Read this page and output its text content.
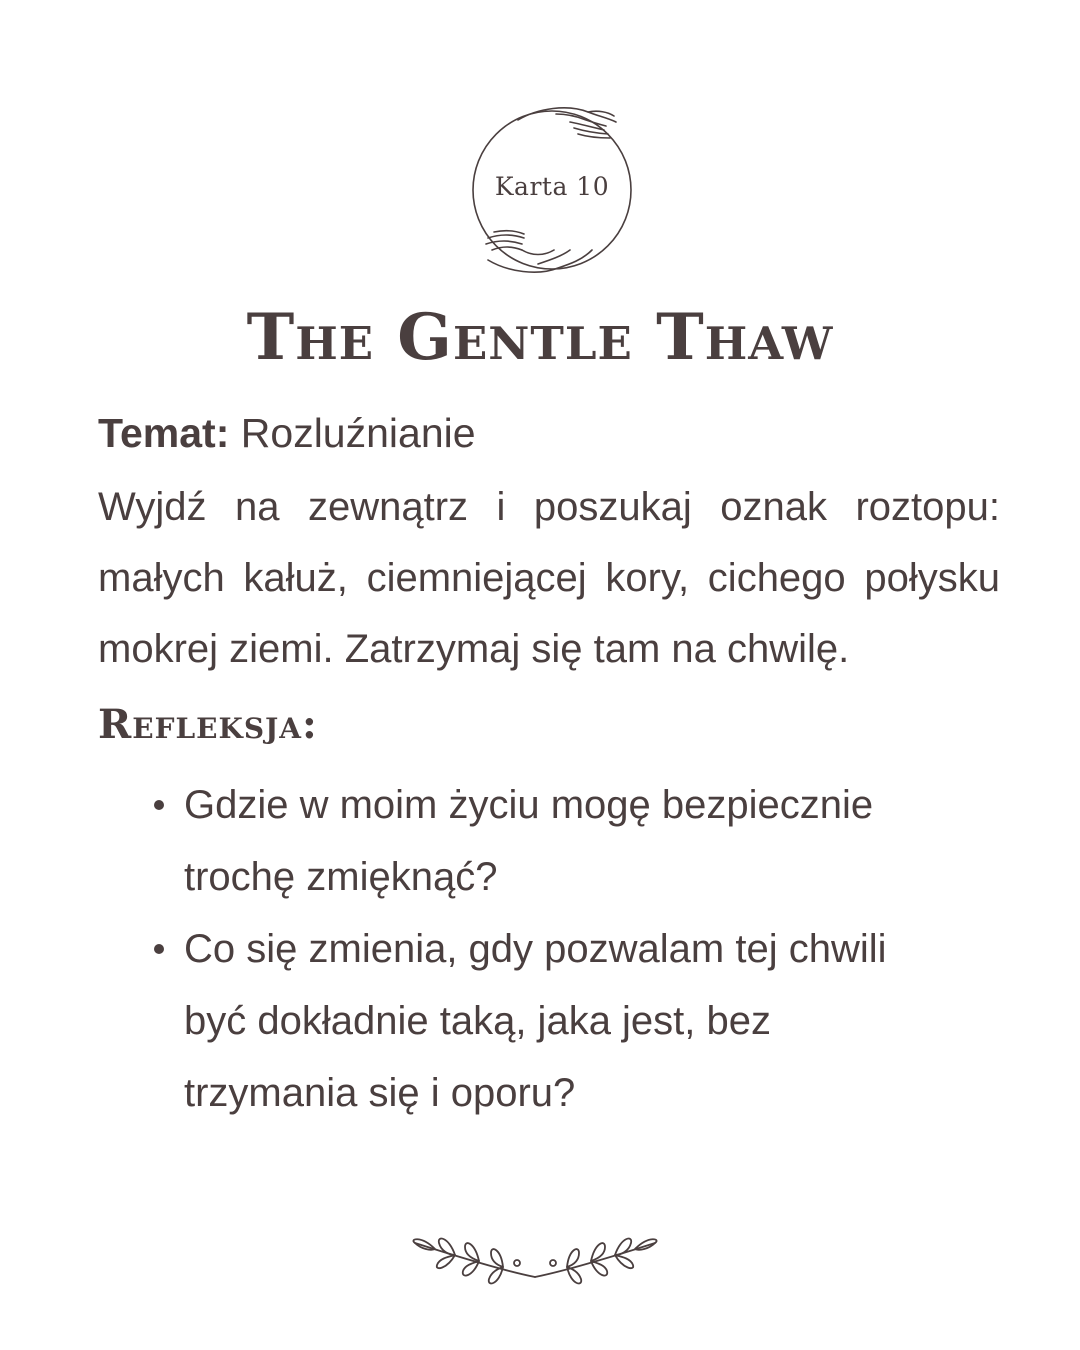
Karta 10
The Gentle Thaw

Temat: Rozluźnianie

Wyjdź na zewnątrz i poszukaj oznak roztopu: małych kałuż, ciemniejącej kory, cichego połysku mokrej ziemi. Zatrzymaj się tam na chwilę.

Refleksja:
Gdzie w moim życiu mogę bezpiecznie trochę zmięknąć?
Co się zmienia, gdy pozwalam tej chwili być dokładnie taką, jaka jest, bez trzymania się i oporu?
